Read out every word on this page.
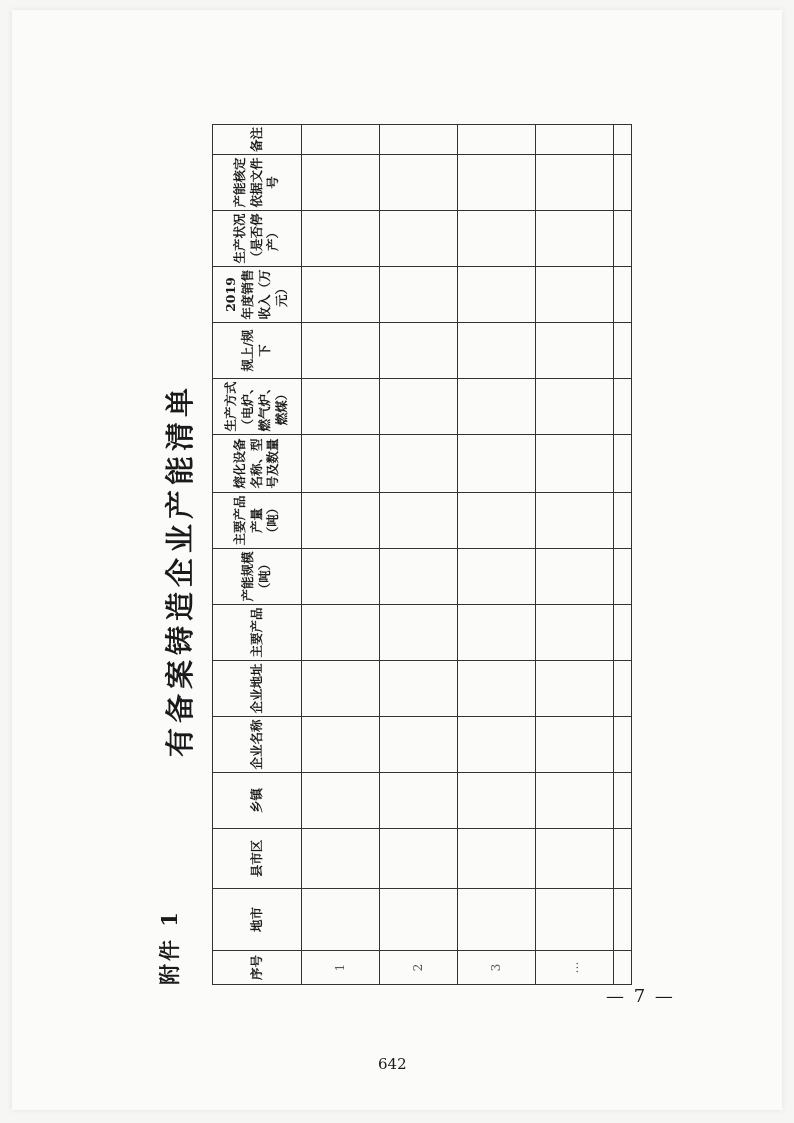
附件 1
有备案铸造企业产能清单
序号	地市	县市区	乡镇	企业名称	企业地址	主要产品	产能规模（吨）	主要产品产量（吨）	熔化设备名称、型号及数量	生产方式（电炉、燃气炉、燃煤）	规上/规下	2019 年度销售收入（万元）	生产状况（是否停产）	产能核定依据文件号	备注
1															
2															
3															
…															

— 7 —
642
